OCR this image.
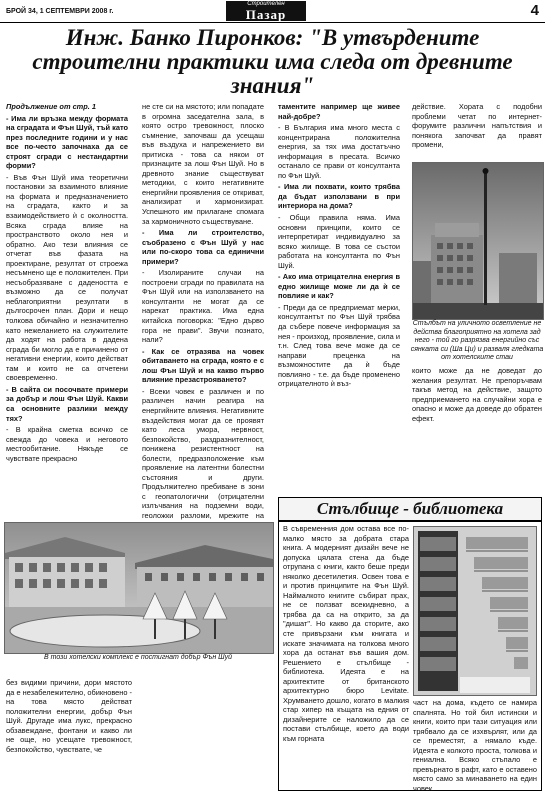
БРОЙ 34, 1 СЕПТЕМВРИ 2008 г.
Строителен
Пазар	4
Инж. Банко Пиронков: "В утвърдените строителни практики има следа от древните знания"

Продължение от стр. 1

- Има ли връзка между формата на сградата и Фън Шуй, тъй като през последните години и у нас все по-често започнаха да се строят сгради с нестандартни форми?

- Във Фън Шуй има теоретични постановки за взаимното влияние на формата и предназначението на сградата, както и за взаимодействието ѝ с околността. Всяка сграда влияе на пространството около нея и обратно. Ако тези влияния се отчетат във фазата на проектиране, резултат от строежа несъмнено ще е положителен. При несъобразяване с дадеността е възможно да се получат неблагоприятни резултати в дългосрочен план. Дори и нещо толкова обичайно и незначително като нежеланието на служителите да ходят на работа в дадена сграда би могло да е причинено от негативни енергии, които действат там и които не са отчетени своевременно.

- В сайта си посочвате примери за добър и лош Фън Шуй. Какви са основните разлики между тях?

- В крайна сметка всичко се свежда до човека и неговото местообитание. Някъде се чувствате прекрасно

не сте си на мястото; или попадате в огромна заседателна зала, в която остро тревожност, плоско съмнение, започваш да усещаш във въздуха и напрежението ви притиска - това са някои от признаците за лош Фън Шуй. Но в древното знание съществуват методики, с които негативните енергийни проявления се откриват, анализират и хармонизират. Успешното им прилагане спомага за хармоничното съществуване.

- Има ли строителство, съобразено с Фън Шуй у нас или по-скоро това са единични примери?

- Изолираните случаи на построени сгради по правилата на Фън Шуй или на използването на консултанти не могат да се нарекат практика. Има една китайска поговорка: "Едно дърво гора не прави". Звучи познато, нали?

- Как се отразява на човек обитаването на сграда, която е с лош Фън Шуй и на какво първо влияние презастрояването?

- Всеки човек е различен и по различен начин реагира на енергийните влияния. Негативните въздействия могат да се проявят като леса умора, нервност, безпокойство, раздразнителност, понижена резистентност на болести, предразположение към проявление на латентни болестни състояния и други. Продължително пребиване в зони с геопатологични (отрицателни излъчвания на подземни води, геоложки разломи, мрежите на

таментите например ще живее най-добре?

- В България има много места с концентрирана положителна енергия, за тях има достатъчно информация в пресата. Всичко останало се прави от консултанта по Фън Шуй.

- Има ли похвати, които трябва да бъдат използвани в при интериора на дома?

- Общи правила няма. Има основни принципи, които се интерпретират индивидуално за всяко жилище. В това се състои работата на консултанта по Фън Шуй.

- Ако има отрицателна енергия в едно жилище може ли да ѝ се повлияе и как?

- Преди да се предприемат мерки, консултантът по Фън Шуй трябва да събере повече информация за нея - произход, проявление, сила и т.н. След това вече може да се направи преценка на възможностите да ѝ бъде повлияно - т.е. да бъде променено отрицателното ѝ въз-

действие. Хората с подобни проблеми четат по интернет-форумите различни напътствия и понякога започват да правят промени,

Стълбът на уличното осветление не действа благоприятно на хотела зад него - той го разрязва енергийно със сянката си (Ша Ци) и разваля гледката от хотелските стаи

които може да не доведат до желания резултат. Не препоръчвам такъв метод на действие, защото предприемането на случайни хора е опасно и може да доведе до обратен ефект.

В този хотелски комплекс е постигнат добър Фън Шуй

без видими причини, дори мястото да е незабележително, обикновено - на това място действат положителни енергии, добър Фън Шуй. Другаде има лукс, прекрасно обзавеждане, фонтани и какво ли не още, но усещате тревожност, безпокойство, чувствате, че

Стълбище - библиотека

В съвременния дом остава все по-малко място за добрата стара книга. А модерният дизайн вече не допуска цялата стена да бъде отрупана с книги, както беше преди няколко десетилетия. Освен това е и против принципите на Фън Шуй. Наймалкото книгите събират прах, не се ползват всекидневно, а трябва да са на открито, за да "дишат". Но какво да сторите, ако сте привързани към книгата и искате значимата на толкова много хора да останат във вашия дом. Решението е стълбище - библиотека. Идеята е на архитектите от британското архитектурно бюро Levitate. Хрумването дошло, когато в малкия стар хипер на къщата на едния от дизайнерите се наложило да се постави стълбище, което да води към горната

част на дома, където се намира спалнята. Но той бил истински и книги, които при тази ситуация или трябвало да се изхвърлят, или да се преместят, а нямало къде. Идеята е колкото проста, толкова и гениална. Всяко стъпало е превърнато в рафт, като е оставено място само за минаването на един човек.
